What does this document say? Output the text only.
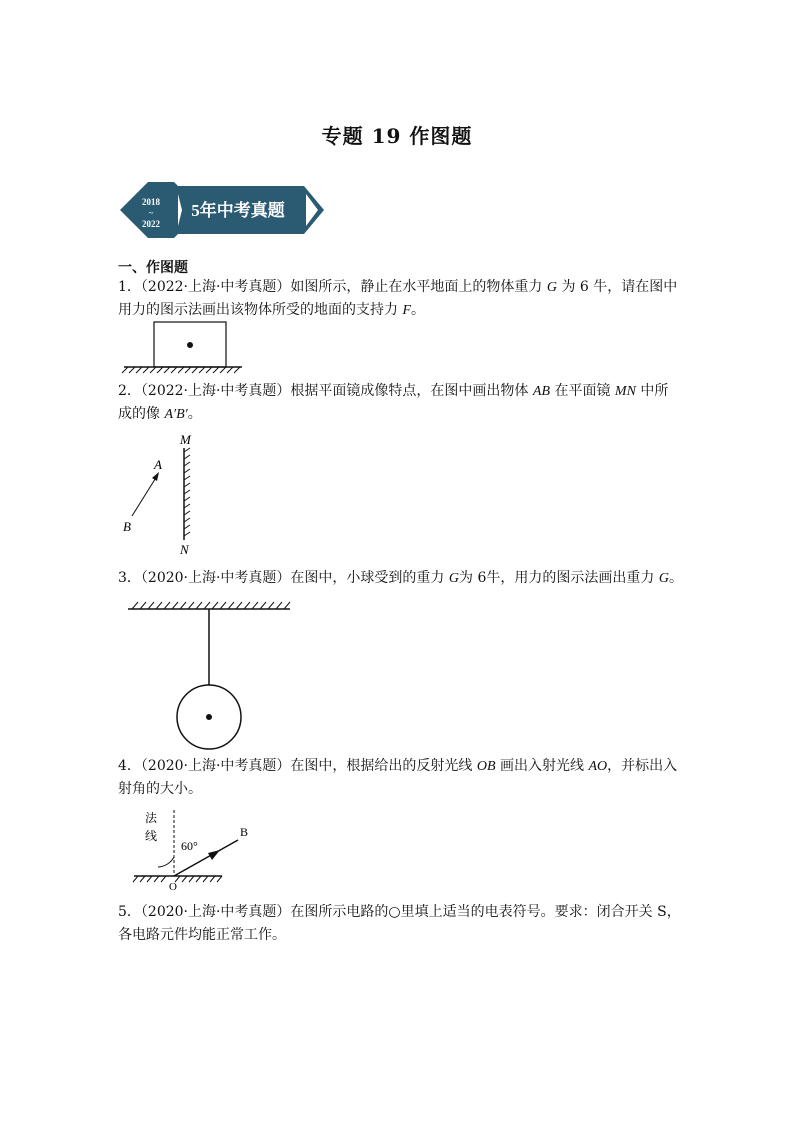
专题 19 作图题
2018
~
2022
5年中考真题
一、作图题
1．（2022·上海·中考真题）如图所示，静止在水平地面上的物体重力 G 为 6 牛，请在图中
用力的图示法画出该物体所受的地面的支持力 F。
2．（2022·上海·中考真题）根据平面镜成像特点，在图中画出物体 AB 在平面镜 MN 中所
成的像 A′B′。
M
N
A
B
3．（2020·上海·中考真题）在图中，小球受到的重力 G为 6牛，用力的图示法画出重力 G。
4．（2020·上海·中考真题）在图中，根据给出的反射光线 OB 画出入射光线 AO，并标出入
射角的大小。
法
线
60°
B
O
5．（2020·上海·中考真题）在图所示电路的○里填上适当的电表符号。要求：闭合开关 S，
各电路元件均能正常工作。
